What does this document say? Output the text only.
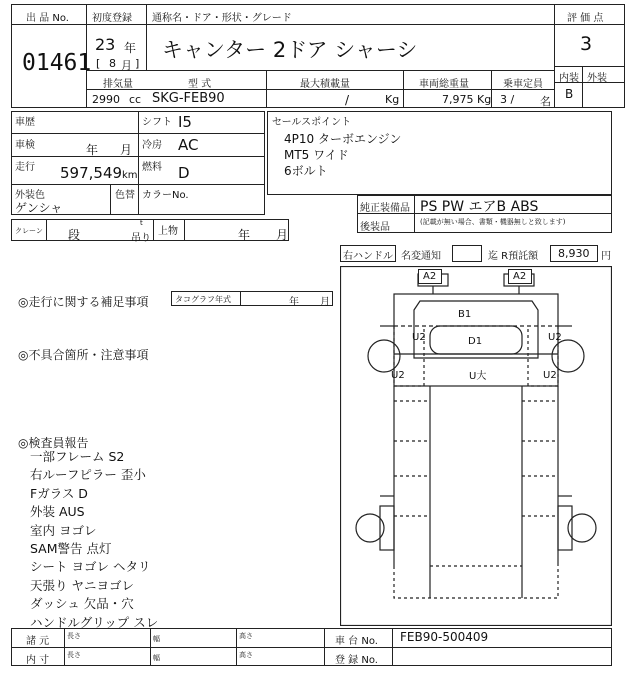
出 品 No.
01461
初度登録
23 年
[ 8 月 ]
通称名・ドア・形状・グレード
キャンター 2ドア シャーシ
評 価 点
3
内装 外装
B
排気量	型 式	最大積載量	車両総重量	乗車定員
2990 cc SKG-FEB90	/	Kg	7,975 Kg 3 / 名
車歴	シフト I5
車検	年 月 冷房 AC
走行 597,549 km
燃料 D
外装色
ゲンシャ
色替 カラーNo.
セールスポイント
4P10 ターボエンジン
MT5 ワイド
6ボルト
純正装備品 PS PW エアB ABS
後装品	(記載が無い場合、書類・機器無しと致します)
クレーン 段
t
吊り
上物	年 月
右ハンドル 名変通知	迄 R預託額 8,930 円
◎走行に関する補足事項	タコグラフ年式	年 月
◎不具合箇所・注意事項
◎検査員報告
一部フレーム S2
右ルーフピラー 歪小
Fガラス D
外装 AUS
室内 ヨゴレ
SAM警告 点灯
シート ヨゴレ ヘタリ
天張り ヤニヨゴレ
ダッシュ 欠品・穴
ハンドルグリップ スレ
A2	A2
B1
U2	D1	U2
U2	U大	U2
諸 元	長さ	幅	高さ	車 台 No. FEB90-500409
内 寸	長さ	幅	高さ	登 録 No.
